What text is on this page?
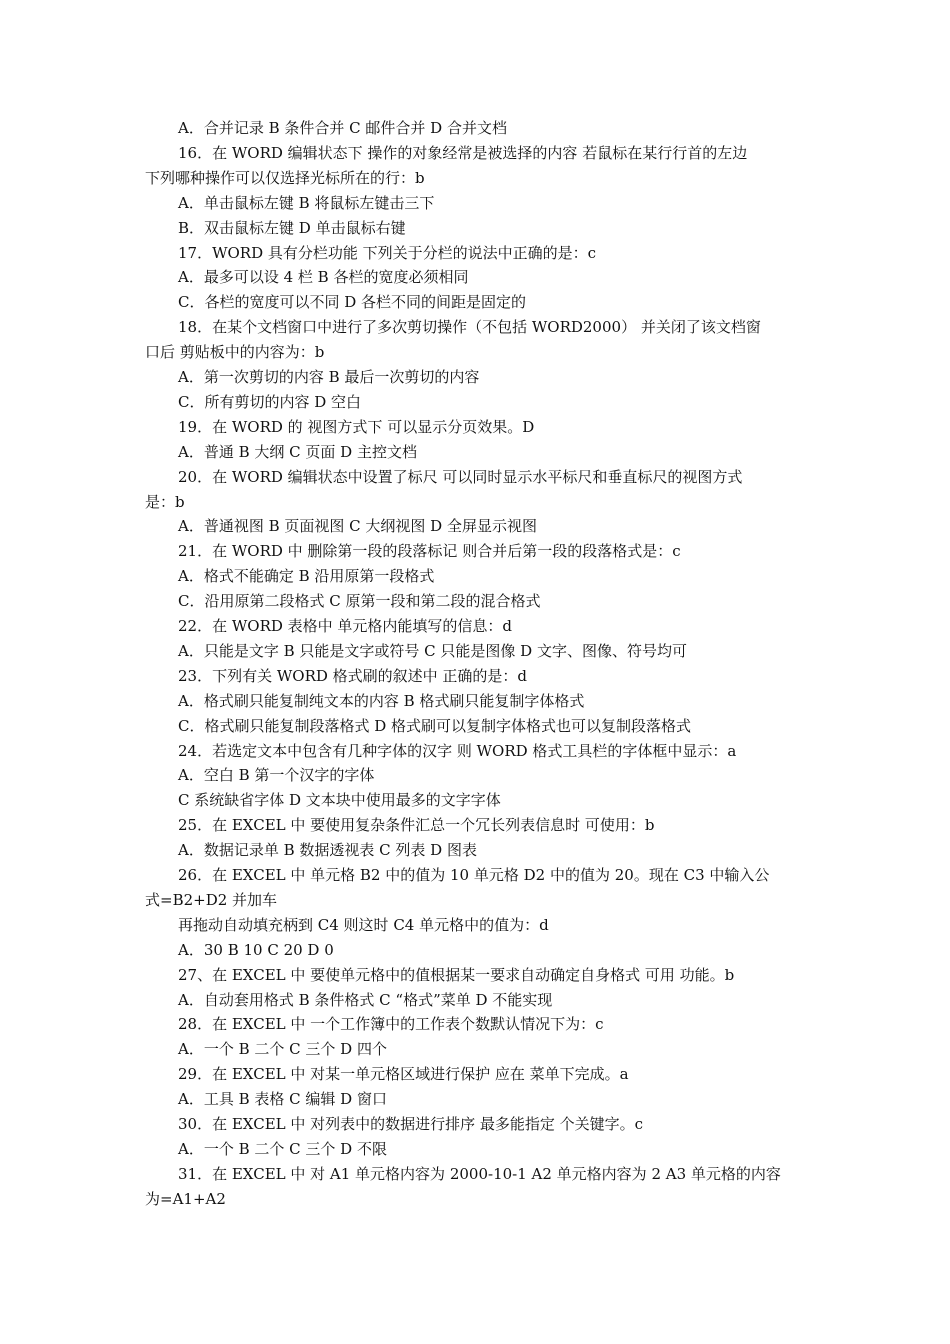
A．合并记录 B 条件合并 C 邮件合并 D 合并文档
16．在 WORD 编辑状态下 操作的对象经常是被选择的内容 若鼠标在某行行首的左边
下列哪种操作可以仅选择光标所在的行：b
A．单击鼠标左键 B 将鼠标左键击三下
B．双击鼠标左键 D 单击鼠标右键
17．WORD 具有分栏功能 下列关于分栏的说法中正确的是：c
A．最多可以设 4 栏 B 各栏的宽度必须相同
C．各栏的宽度可以不同 D 各栏不同的间距是固定的
18．在某个文档窗口中进行了多次剪切操作（不包括 WORD2000） 并关闭了该文档窗
口后 剪贴板中的内容为：b
A．第一次剪切的内容 B 最后一次剪切的内容
C．所有剪切的内容 D 空白
19．在 WORD 的 视图方式下 可以显示分页效果。D
A．普通 B 大纲 C 页面 D 主控文档
20．在 WORD 编辑状态中设置了标尺 可以同时显示水平标尺和垂直标尺的视图方式
是：b
A．普通视图 B 页面视图 C 大纲视图 D 全屏显示视图
21．在 WORD 中 删除第一段的段落标记 则合并后第一段的段落格式是：c
A．格式不能确定 B 沿用原第一段格式
C．沿用原第二段格式 C 原第一段和第二段的混合格式
22．在 WORD 表格中 单元格内能填写的信息：d
A．只能是文字 B 只能是文字或符号 C 只能是图像 D 文字、图像、符号均可
23．下列有关 WORD 格式刷的叙述中 正确的是：d
A．格式刷只能复制纯文本的内容 B 格式刷只能复制字体格式
C．格式刷只能复制段落格式 D 格式刷可以复制字体格式也可以复制段落格式
24．若选定文本中包含有几种字体的汉字 则 WORD 格式工具栏的字体框中显示：a
A．空白 B 第一个汉字的字体
C 系统缺省字体 D 文本块中使用最多的文字字体
25．在 EXCEL 中 要使用复杂条件汇总一个冗长列表信息时 可使用：b
A．数据记录单 B 数据透视表 C 列表 D 图表
26．在 EXCEL 中 单元格 B2 中的值为 10 单元格 D2 中的值为 20。现在 C3 中输入公
式=B2+D2 并加车
再拖动自动填充柄到 C4 则这时 C4 单元格中的值为：d
A．30 B 10 C 20 D 0
27、在 EXCEL 中 要使单元格中的值根据某一要求自动确定自身格式 可用 功能。b
A．自动套用格式 B 条件格式 C “格式”菜单 D 不能实现
28．在 EXCEL 中 一个工作簿中的工作表个数默认情况下为：c
A．一个 B 二个 C 三个 D 四个
29．在 EXCEL 中 对某一单元格区域进行保护 应在 菜单下完成。a
A．工具 B 表格 C 编辑 D 窗口
30．在 EXCEL 中 对列表中的数据进行排序 最多能指定 个关键字。c
A．一个 B 二个 C 三个 D 不限
31．在 EXCEL 中 对 A1 单元格内容为 2000-10-1 A2 单元格内容为 2 A3 单元格的内容
为=A1+A2
